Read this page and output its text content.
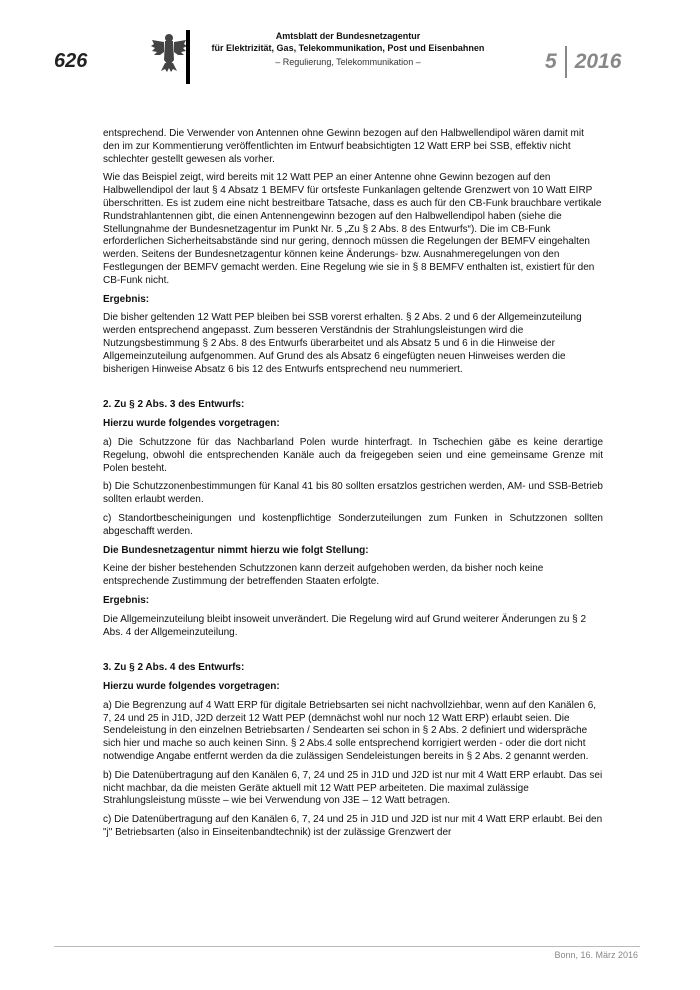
626
Amtsblatt der Bundesnetzagentur
für Elektrizität, Gas, Telekommunikation, Post und Eisenbahnen
– Regulierung, Telekommunikation –	5 2016

entsprechend. Die Verwender von Antennen ohne Gewinn bezogen auf den Halbwellendipol wären damit mit den im zur Kommentierung veröffentlichten im Entwurf beabsichtigten 12 Watt ERP bei SSB, effektiv nicht schlechter gestellt gewesen als vorher.

Wie das Beispiel zeigt, wird bereits mit 12 Watt PEP an einer Antenne ohne Gewinn bezogen auf den Halbwellendipol der laut § 4 Absatz 1 BEMFV für ortsfeste Funkanlagen geltende Grenzwert von 10 Watt EIRP überschritten. Es ist zudem eine nicht bestreitbare Tatsache, dass es auch für den CB-Funk brauchbare vertikale Rundstrahlantennen gibt, die einen Antennengewinn bezogen auf den Halbwellendipol haben (siehe die Stellungnahme der Bundesnetzagentur im Punkt Nr. 5 „Zu § 2 Abs. 8 des Entwurfs“). Die im CB-Funk erforderlichen Sicherheitsabstände sind nur gering, dennoch müssen die Regelungen der BEMFV eingehalten werden. Seitens der Bundesnetzagentur können keine Änderungs- bzw. Ausnahmeregelungen von den Festlegungen der BEMFV gemacht werden. Eine Regelung wie sie in § 8 BEMFV enthalten ist, existiert für den CB-Funk nicht.

Ergebnis:

Die bisher geltenden 12 Watt PEP bleiben bei SSB vorerst erhalten. § 2 Abs. 2 und 6 der Allgemeinzuteilung werden entsprechend angepasst. Zum besseren Verständnis der Strahlungsleistungen wird die Nutzungsbestimmung § 2 Abs. 8 des Entwurfs überarbeitet und als Absatz 5 und 6 in die Hinweise der Allgemeinzuteilung aufgenommen. Auf Grund des als Absatz 6 eingefügten neuen Hinweises werden die bisherigen Hinweise Absatz 6 bis 12 des Entwurfs entsprechend neu nummeriert.

2. Zu § 2 Abs. 3 des Entwurfs:
Hierzu wurde folgendes vorgetragen:

a) Die Schutzzone für das Nachbarland Polen wurde hinterfragt. In Tschechien gäbe es keine derartige Regelung, obwohl die entsprechenden Kanäle auch da freigegeben seien und eine gemeinsame Grenze mit Polen besteht.

b) Die Schutzzonenbestimmungen für Kanal 41 bis 80 sollten ersatzlos gestrichen werden, AM- und SSB-Betrieb sollten erlaubt werden.

c) Standortbescheinigungen und kostenpflichtige Sonderzuteilungen zum Funken in Schutzzonen sollten abgeschafft werden.

Die Bundesnetzagentur nimmt hierzu wie folgt Stellung:

Keine der bisher bestehenden Schutzzonen kann derzeit aufgehoben werden, da bisher noch keine entsprechende Zustimmung der betreffenden Staaten erfolgte.

Ergebnis:

Die Allgemeinzuteilung bleibt insoweit unverändert. Die Regelung wird auf Grund weiterer Änderungen zu § 2 Abs. 4 der Allgemeinzuteilung.

3. Zu § 2 Abs. 4 des Entwurfs:
Hierzu wurde folgendes vorgetragen:

a) Die Begrenzung auf 4 Watt ERP für digitale Betriebsarten sei nicht nachvollziehbar, wenn auf den Kanälen 6, 7, 24 und 25 in J1D, J2D derzeit 12 Watt PEP (demnächst wohl nur noch 12 Watt ERP) erlaubt seien. Die Sendeleistung in den einzelnen Betriebsarten / Sendearten sei schon in § 2 Abs. 2 definiert und widerspräche sich hier und mache so auch keinen Sinn. § 2 Abs.4 solle entsprechend korrigiert werden - oder die dort nicht notwendige Angabe entfernt werden da die zulässigen Sendeleistungen bereits in § 2 Abs. 2 genannt werden.

b) Die Datenübertragung auf den Kanälen 6, 7, 24 und 25 in J1D und J2D ist nur mit 4 Watt ERP erlaubt. Das sei nicht machbar, da die meisten Geräte aktuell mit 12 Watt PEP arbeiteten. Die maximal zulässige Strahlungsleistung müsste – wie bei Verwendung von J3E – 12 Watt betragen.

c) Die Datenübertragung auf den Kanälen 6, 7, 24 und 25 in J1D und J2D ist nur mit 4 Watt ERP erlaubt. Bei den "j" Betriebsarten (also in Einseitenbandtechnik) ist der zulässige Grenzwert der

Bonn, 16. März 2016
